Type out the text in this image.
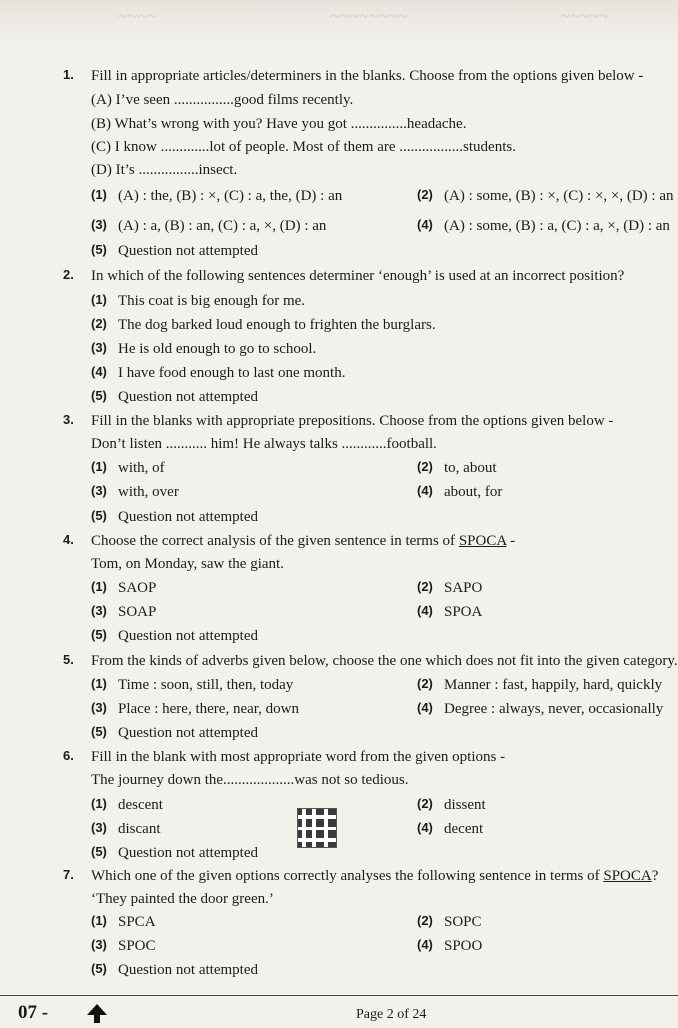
~~~~	~~~~~~~~	~~~~~
1. Fill in appropriate articles/determiners in the blanks. Choose from the options given below -
(A) I’ve seen ................good films recently.
(B) What’s wrong with you? Have you got ...............headache.
(C) I know .............lot of people. Most of them are .................students.
(D) It’s ................insect.
(1) (A) : the, (B) : ×, (C) : a, the, (D) : an	(2) (A) : some, (B) : ×, (C) : ×, ×, (D) : an
(3) (A) : a, (B) : an, (C) : a, ×, (D) : an	(4) (A) : some, (B) : a, (C) : a, ×, (D) : an
(5) Question not attempted
2. In which of the following sentences determiner ‘enough’ is used at an incorrect position?
(1) This coat is big enough for me.
(2) The dog barked loud enough to frighten the burglars.
(3) He is old enough to go to school.
(4) I have food enough to last one month.
(5) Question not attempted
3. Fill in the blanks with appropriate prepositions. Choose from the options given below -
Don’t listen ........... him! He always talks ............football.
(1) with, of	(2) to, about
(3) with, over	(4) about, for
(5) Question not attempted
4. Choose the correct analysis of the given sentence in terms of SPOCA -
Tom, on Monday, saw the giant.
(1) SAOP	(2) SAPO
(3) SOAP	(4) SPOA
(5) Question not attempted
5. From the kinds of adverbs given below, choose the one which does not fit into the given category.
(1) Time : soon, still, then, today	(2) Manner : fast, happily, hard, quickly
(3) Place : here, there, near, down	(4) Degree : always, never, occasionally
(5) Question not attempted
6. Fill in the blank with most appropriate word from the given options -
The journey down the...................was not so tedious.
(1) descent	(2) dissent
(3) discant	(4) decent
(5) Question not attempted
7. Which one of the given options correctly analyses the following sentence in terms of SPOCA?
‘They painted the door green.’
(1) SPCA	(2) SOPC
(3) SPOC	(4) SPOO
(5) Question not attempted
07 -	Page 2 of 24
